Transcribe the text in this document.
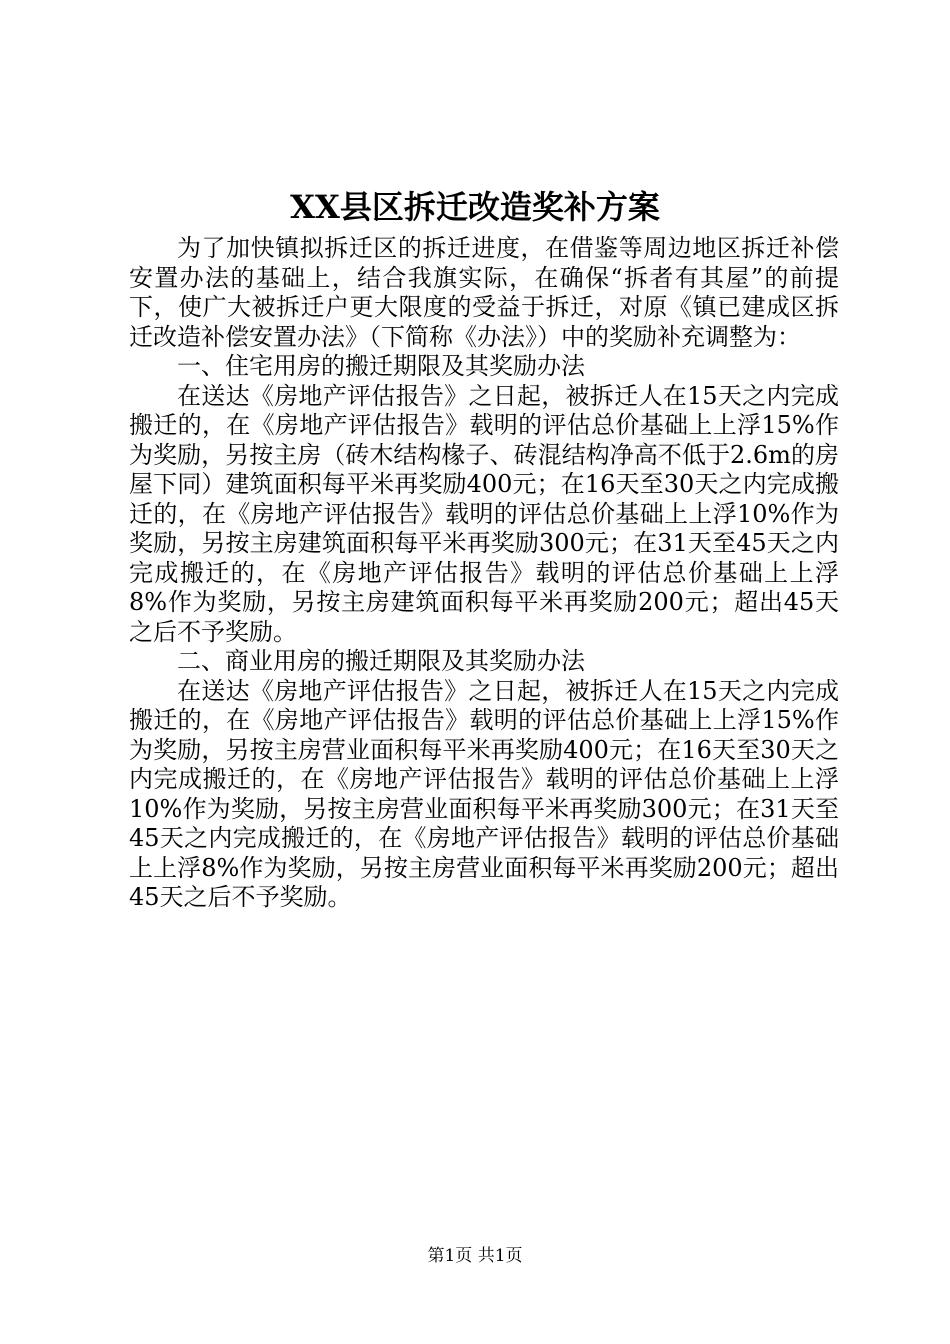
XX县区拆迁改造奖补方案

为了加快镇拟拆迁区的拆迁进度，在借鉴等周边地区拆迁补偿安置办法的基础上，结合我旗实际，在确保“拆者有其屋”的前提下，使广大被拆迁户更大限度的受益于拆迁，对原《镇已建成区拆迁改造补偿安置办法》（下简称《办法》）中的奖励补充调整为：

一、住宅用房的搬迁期限及其奖励办法

在送达《房地产评估报告》之日起，被拆迁人在15天之内完成搬迁的，在《房地产评估报告》载明的评估总价基础上上浮15%作为奖励，另按主房（砖木结构椽子、砖混结构净高不低于2.6m的房屋下同）建筑面积每平米再奖励400元；在16天至30天之内完成搬迁的，在《房地产评估报告》载明的评估总价基础上上浮10%作为奖励，另按主房建筑面积每平米再奖励300元；在31天至45天之内完成搬迁的，在《房地产评估报告》载明的评估总价基础上上浮8%作为奖励，另按主房建筑面积每平米再奖励200元；超出45天之后不予奖励。

二、商业用房的搬迁期限及其奖励办法

在送达《房地产评估报告》之日起，被拆迁人在15天之内完成搬迁的，在《房地产评估报告》载明的评估总价基础上上浮15%作为奖励，另按主房营业面积每平米再奖励400元；在16天至30天之内完成搬迁的，在《房地产评估报告》载明的评估总价基础上上浮10%作为奖励，另按主房营业面积每平米再奖励300元；在31天至45天之内完成搬迁的，在《房地产评估报告》载明的评估总价基础上上浮8%作为奖励，另按主房营业面积每平米再奖励200元；超出45天之后不予奖励。

第1页 共1页
